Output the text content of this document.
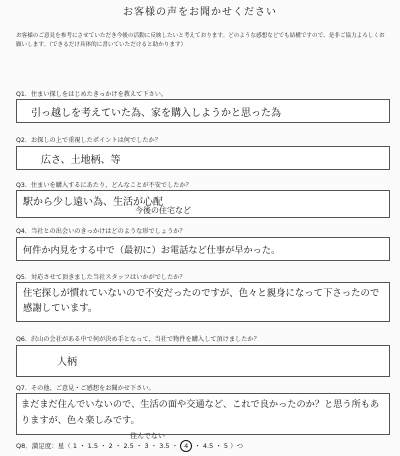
お客様の声をお聞かせください
お客様のご意見を参考にさせていただき今後の活動に反映したいと考えております。どのような感想などでも結構ですので、是非ご協力よろしくお願いします。（できるだけ具体的に書いていただけると助かります）
Q1．住まい探しをはじめたきっかけを教えて下さい。
引っ越しを考えていた為、家を購入しようかと思った為
Q2．お探しの上で重視したポイントは何でしたか？
広さ、土地柄、等
Q3．住まいを購入するにあたり、どんなことが不安でしたか？
駅から少し遠い為、生活が心配
今後の住宅など
Q4．当社との出会いのきっかけはどのような形でしょうか？
何件か内見をする中で（最初に）お電話など仕事が早かった。
Q5．対応させて頂きました当社スタッフはいかがでしたか？
住宅探しが慣れていないので不安だったのですが、色々と親身になって下さったので感謝しています。
Q6．沢山の会社がある中で何が決め手となって、当社で物件を購入して頂けましたか？
人柄
Q7．その他、ご意見・ご感想をお聞かせ下さい。
まだまだ住んでいないので、生活の面や交通など、これで良かったのか？と思う所もありますが、色々楽しみです。
住んでない
Q8．満足度：星（ 1 ・ 1.5 ・ 2 ・ 2.5 ・ 3 ・ 3.5 ・ 4 ・ 4.5 ・ 5 ）つ
